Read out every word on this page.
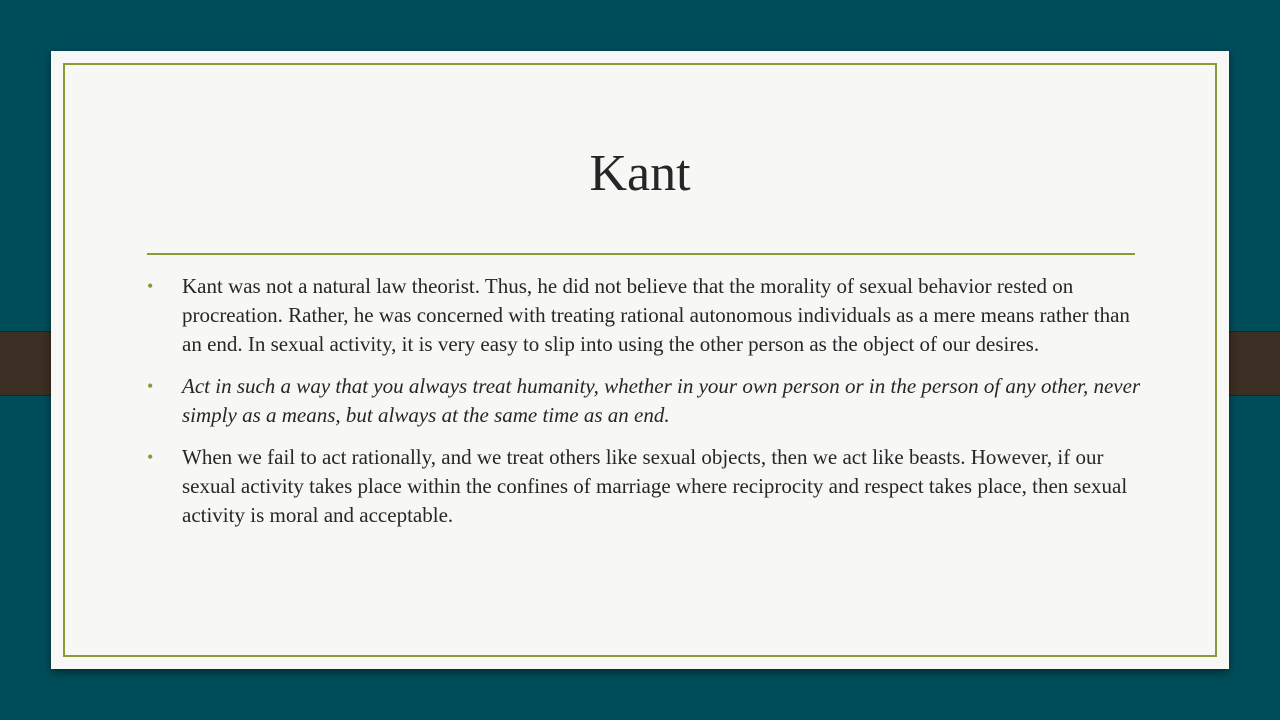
Kant
• Kant was not a natural law theorist. Thus, he did not believe that the morality of sexual behavior rested on procreation. Rather, he was concerned with treating rational autonomous individuals as a mere means rather than an end. In sexual activity, it is very easy to slip into using the other person as the object of our desires.
• Act in such a way that you always treat humanity, whether in your own person or in the person of any other, never simply as a means, but always at the same time as an end.
• When we fail to act rationally, and we treat others like sexual objects, then we act like beasts. However, if our sexual activity takes place within the confines of marriage where reciprocity and respect takes place, then sexual activity is moral and acceptable.
